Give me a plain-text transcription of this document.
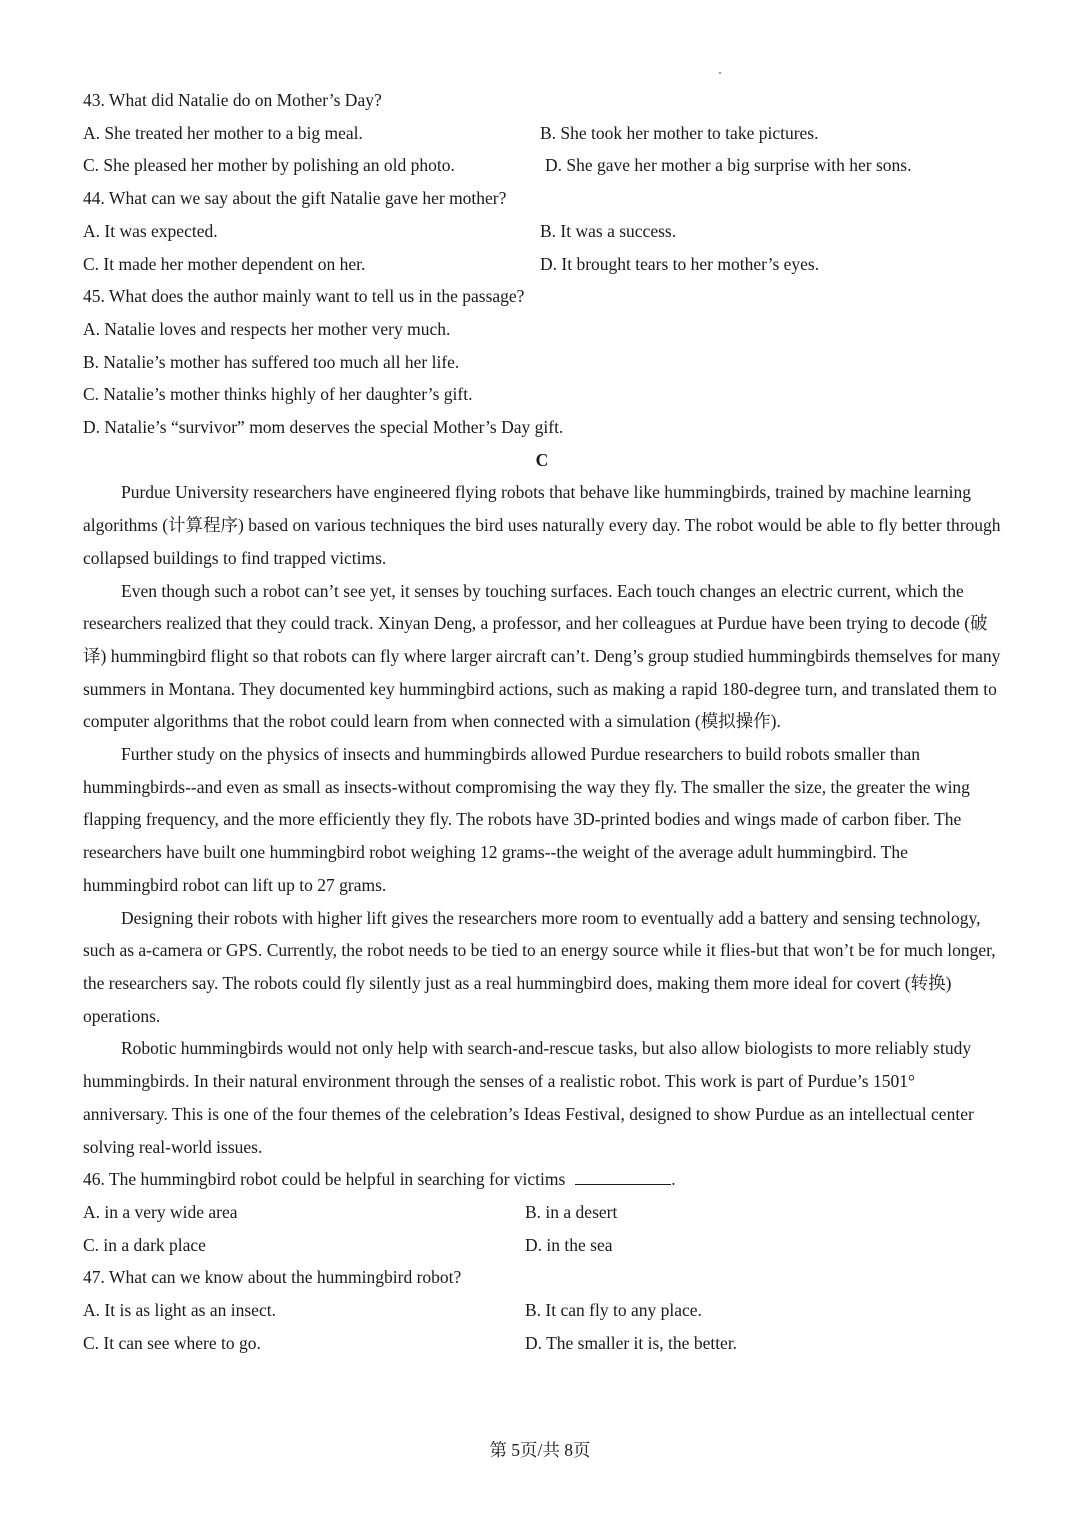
43. What did Natalie do on Mother’s Day?
A. She treated her mother to a big meal.	B. She took her mother to take pictures.
C. She pleased her mother by polishing an old photo.	D. She gave her mother a big surprise with her sons.
44. What can we say about the gift Natalie gave her mother?
A. It was expected.	B. It was a success.
C. It made her mother dependent on her.	D. It brought tears to her mother’s eyes.
45. What does the author mainly want to tell us in the passage?
A. Natalie loves and respects her mother very much.
B. Natalie’s mother has suffered too much all her life.
C. Natalie’s mother thinks highly of her daughter’s gift.
D. Natalie’s “survivor” mom deserves the special Mother’s Day gift.
C
Purdue University researchers have engineered flying robots that behave like hummingbirds, trained by machine learning algorithms (计算程序) based on various techniques the bird uses naturally every day. The robot would be able to fly better through collapsed buildings to find trapped victims.
Even though such a robot can’t see yet, it senses by touching surfaces. Each touch changes an electric current, which the researchers realized that they could track. Xinyan Deng, a professor, and her colleagues at Purdue have been trying to decode (破译) hummingbird flight so that robots can fly where larger aircraft can’t. Deng’s group studied hummingbirds themselves for many summers in Montana. They documented key hummingbird actions, such as making a rapid 180-degree turn, and translated them to computer algorithms that the robot could learn from when connected with a simulation (模拟操作).
Further study on the physics of insects and hummingbirds allowed Purdue researchers to build robots smaller than hummingbirds--and even as small as insects-without compromising the way they fly. The smaller the size, the greater the wing flapping frequency, and the more efficiently they fly. The robots have 3D-printed bodies and wings made of carbon fiber. The researchers have built one hummingbird robot weighing 12 grams--the weight of the average adult hummingbird. The hummingbird robot can lift up to 27 grams.
Designing their robots with higher lift gives the researchers more room to eventually add a battery and sensing technology, such as a-camera or GPS. Currently, the robot needs to be tied to an energy source while it flies-but that won’t be for much longer, the researchers say. The robots could fly silently just as a real hummingbird does, making them more ideal for covert (转换) operations.
Robotic hummingbirds would not only help with search-and-rescue tasks, but also allow biologists to more reliably study hummingbirds. In their natural environment through the senses of a realistic robot. This work is part of Purdue’s 1501° anniversary. This is one of the four themes of the celebration’s Ideas Festival, designed to show Purdue as an intellectual center solving real-world issues.
46. The hummingbird robot could be helpful in searching for victims	.
A. in a very wide area	B. in a desert
C. in a dark place	D. in the sea
47. What can we know about the hummingbird robot?
A. It is as light as an insect.	B. It can fly to any place.
C. It can see where to go.	D. The smaller it is, the better.
第 5页/共 8页
